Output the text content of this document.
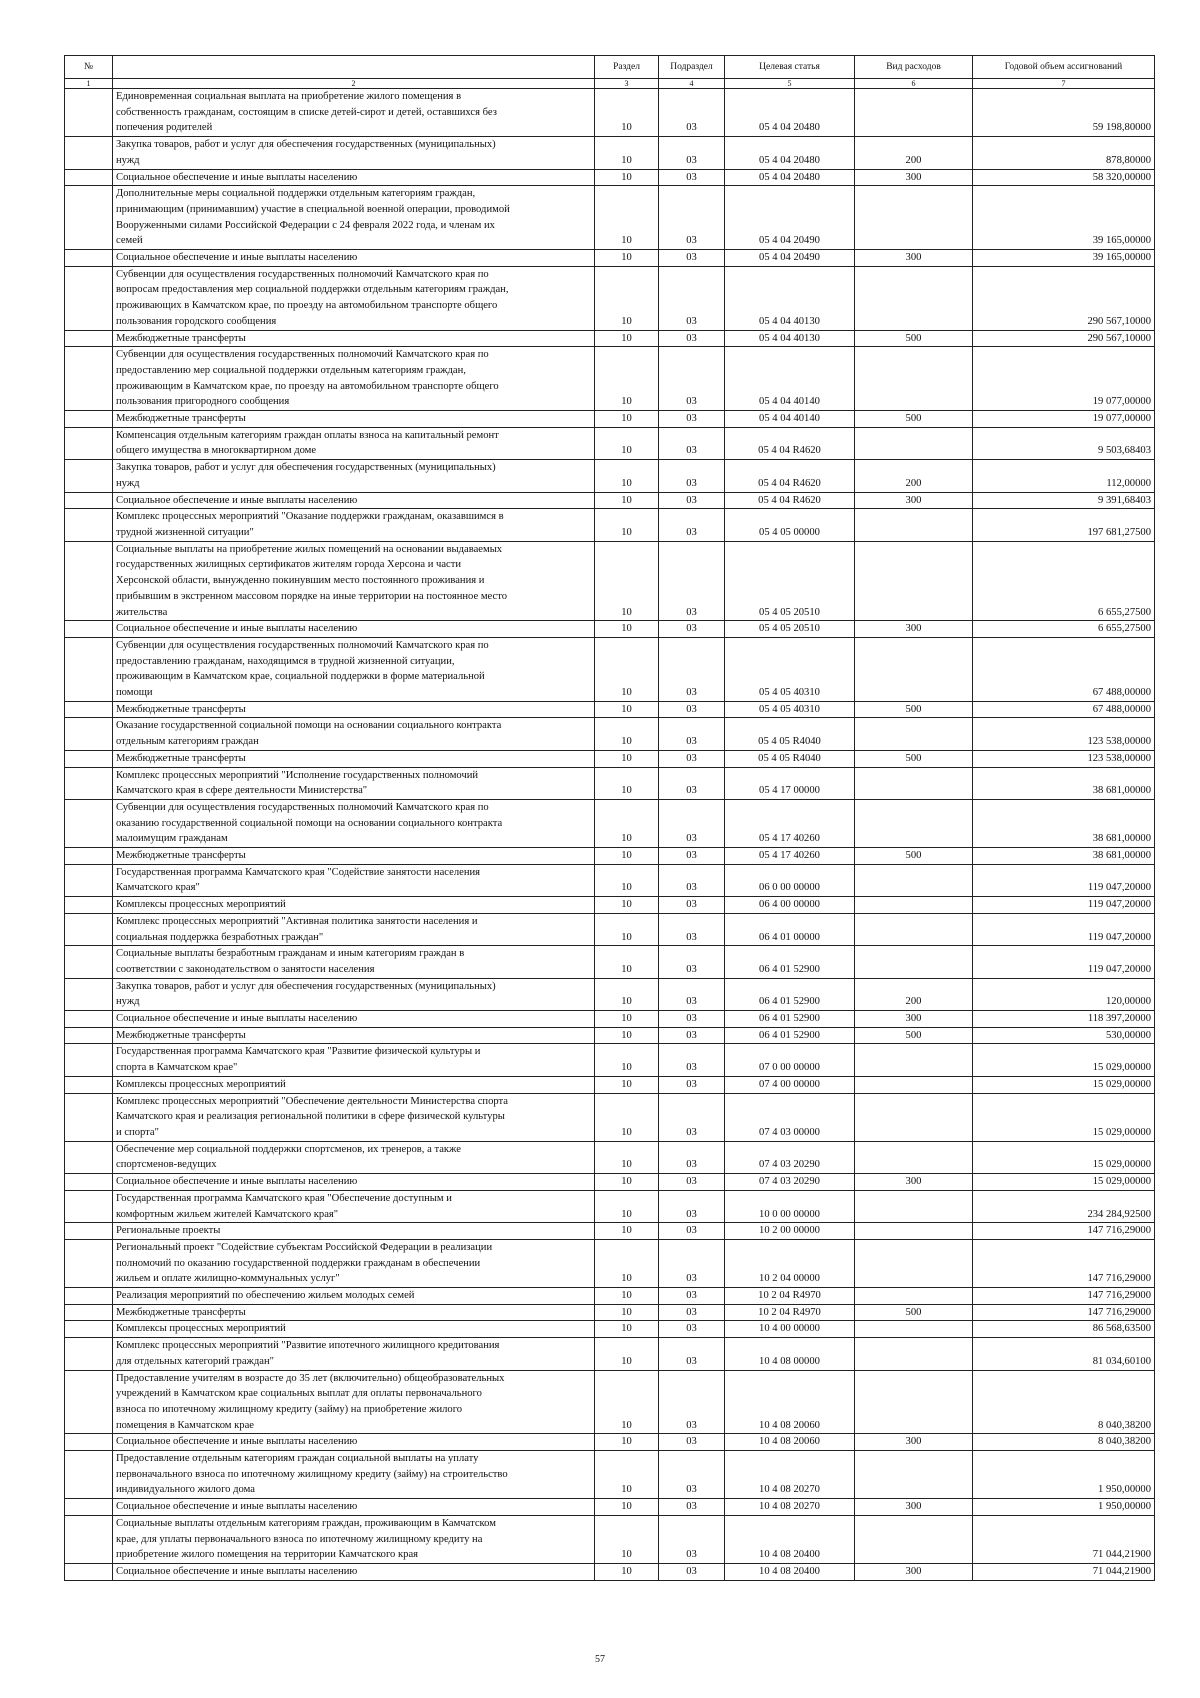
№		Раздел	Подраздел	Целевая статья	Вид расходов	Годовой объем ассигнований
1	2	3	4	5	6	7

	Единовременная социальная выплата на приобретение жилого помещения в
собственность гражданам, состоящим в списке детей-сирот и детей, оставшихся без
попечения родителей	10	03	05 4 04 20480		59 198,80000

	Закупка товаров, работ и услуг для обеспечения государственных (муниципальных)
нужд	10	03	05 4 04 20480	200	878,80000

	Социальное обеспечение и иные выплаты населению	10	03	05 4 04 20480	300	58 320,00000

	Дополнительные меры социальной поддержки отдельным категориям граждан,
принимающим (принимавшим) участие в специальной военной операции, проводимой
Вооруженными силами Российской Федерации с 24 февраля 2022 года, и членам их
семей	10	03	05 4 04 20490		39 165,00000

	Социальное обеспечение и иные выплаты населению	10	03	05 4 04 20490	300	39 165,00000

	Субвенции для осуществления государственных полномочий Камчатского края по
вопросам предоставления мер социальной поддержки отдельным категориям граждан,
проживающих в Камчатском крае, по проезду на автомобильном транспорте общего
пользования городского сообщения	10	03	05 4 04 40130		290 567,10000

	Межбюджетные трансферты	10	03	05 4 04 40130	500	290 567,10000

	Субвенции для осуществления государственных полномочий Камчатского края по
предоставлению мер социальной поддержки отдельным категориям граждан,
проживающим в Камчатском крае, по проезду на автомобильном транспорте общего
пользования пригородного сообщения	10	03	05 4 04 40140		19 077,00000

	Межбюджетные трансферты	10	03	05 4 04 40140	500	19 077,00000

	Компенсация отдельным категориям граждан оплаты взноса на капитальный ремонт
общего имущества в многоквартирном доме	10	03	05 4 04 R4620		9 503,68403

	Закупка товаров, работ и услуг для обеспечения государственных (муниципальных)
нужд	10	03	05 4 04 R4620	200	112,00000

	Социальное обеспечение и иные выплаты населению	10	03	05 4 04 R4620	300	9 391,68403

	Комплекс процессных мероприятий "Оказание поддержки гражданам, оказавшимся в
трудной жизненной ситуации"	10	03	05 4 05 00000		197 681,27500

	Социальные выплаты на приобретение жилых помещений на основании выдаваемых
государственных жилищных сертификатов жителям города Херсона и части
Херсонской области, вынужденно покинувшим место постоянного проживания и
прибывшим в экстренном массовом порядке на иные территории на постоянное место
жительства	10	03	05 4 05 20510		6 655,27500

	Социальное обеспечение и иные выплаты населению	10	03	05 4 05 20510	300	6 655,27500

	Субвенции для осуществления государственных полномочий Камчатского края по
предоставлению гражданам, находящимся в трудной жизненной ситуации,
проживающим в Камчатском крае, социальной поддержки в форме материальной
помощи	10	03	05 4 05 40310		67 488,00000

	Межбюджетные трансферты	10	03	05 4 05 40310	500	67 488,00000

	Оказание государственной социальной помощи на основании социального контракта
отдельным категориям граждан	10	03	05 4 05 R4040		123 538,00000

	Межбюджетные трансферты	10	03	05 4 05 R4040	500	123 538,00000

	Комплекс процессных мероприятий "Исполнение государственных полномочий
Камчатского края в сфере деятельности Министерства"	10	03	05 4 17 00000		38 681,00000

	Субвенции для осуществления государственных полномочий Камчатского края по
оказанию государственной социальной помощи на основании социального контракта
малоимущим гражданам	10	03	05 4 17 40260		38 681,00000

	Межбюджетные трансферты	10	03	05 4 17 40260	500	38 681,00000

	Государственная программа Камчатского края "Содействие занятости населения
Камчатского края"	10	03	06 0 00 00000		119 047,20000

	Комплексы процессных мероприятий	10	03	06 4 00 00000		119 047,20000

	Комплекс процессных мероприятий "Активная политика занятости населения и
социальная поддержка безработных граждан"	10	03	06 4 01 00000		119 047,20000

	Социальные выплаты безработным гражданам и иным категориям граждан в
соответствии с законодательством о занятости населения	10	03	06 4 01 52900		119 047,20000

	Закупка товаров, работ и услуг для обеспечения государственных (муниципальных)
нужд	10	03	06 4 01 52900	200	120,00000

	Социальное обеспечение и иные выплаты населению	10	03	06 4 01 52900	300	118 397,20000

	Межбюджетные трансферты	10	03	06 4 01 52900	500	530,00000

	Государственная программа Камчатского края "Развитие физической культуры и
спорта в Камчатском крае"	10	03	07 0 00 00000		15 029,00000

	Комплексы процессных мероприятий	10	03	07 4 00 00000		15 029,00000

	Комплекс процессных мероприятий "Обеспечение деятельности Министерства спорта
Камчатского края и реализация региональной политики в сфере физической культуры
и спорта"	10	03	07 4 03 00000		15 029,00000

	Обеспечение мер социальной поддержки спортсменов, их тренеров, а также
спортсменов-ведущих	10	03	07 4 03 20290		15 029,00000

	Социальное обеспечение и иные выплаты населению	10	03	07 4 03 20290	300	15 029,00000

	Государственная программа Камчатского края "Обеспечение доступным и
комфортным жильем жителей Камчатского края"	10	03	10 0 00 00000		234 284,92500

	Региональные проекты	10	03	10 2 00 00000		147 716,29000

	Региональный проект "Содействие субъектам Российской Федерации в реализации
полномочий по оказанию государственной поддержки гражданам в обеспечении
жильем и оплате жилищно-коммунальных услуг"	10	03	10 2 04 00000		147 716,29000

	Реализация мероприятий по обеспечению жильем молодых семей	10	03	10 2 04 R4970		147 716,29000

	Межбюджетные трансферты	10	03	10 2 04 R4970	500	147 716,29000

	Комплексы процессных мероприятий	10	03	10 4 00 00000		86 568,63500

	Комплекс процессных мероприятий "Развитие ипотечного жилищного кредитования
для отдельных категорий граждан"	10	03	10 4 08 00000		81 034,60100

	Предоставление учителям в возрасте до 35 лет (включительно) общеобразовательных
учреждений в Камчатском крае социальных выплат для оплаты первоначального
взноса по ипотечному жилищному кредиту (займу) на приобретение жилого
помещения в Камчатском крае	10	03	10 4 08 20060		8 040,38200

	Социальное обеспечение и иные выплаты населению	10	03	10 4 08 20060	300	8 040,38200

	Предоставление отдельным категориям граждан социальной выплаты на уплату
первоначального взноса по ипотечному жилищному кредиту (займу) на строительство
индивидуального жилого дома	10	03	10 4 08 20270		1 950,00000

	Социальное обеспечение и иные выплаты населению	10	03	10 4 08 20270	300	1 950,00000

	Социальные выплаты отдельным категориям граждан, проживающим в Камчатском
крае, для уплаты первоначального взноса по ипотечному жилищному кредиту на
приобретение жилого помещения на территории Камчатского края	10	03	10 4 08 20400		71 044,21900

	Социальное обеспечение и иные выплаты населению	10	03	10 4 08 20400	300	71 044,21900
57
